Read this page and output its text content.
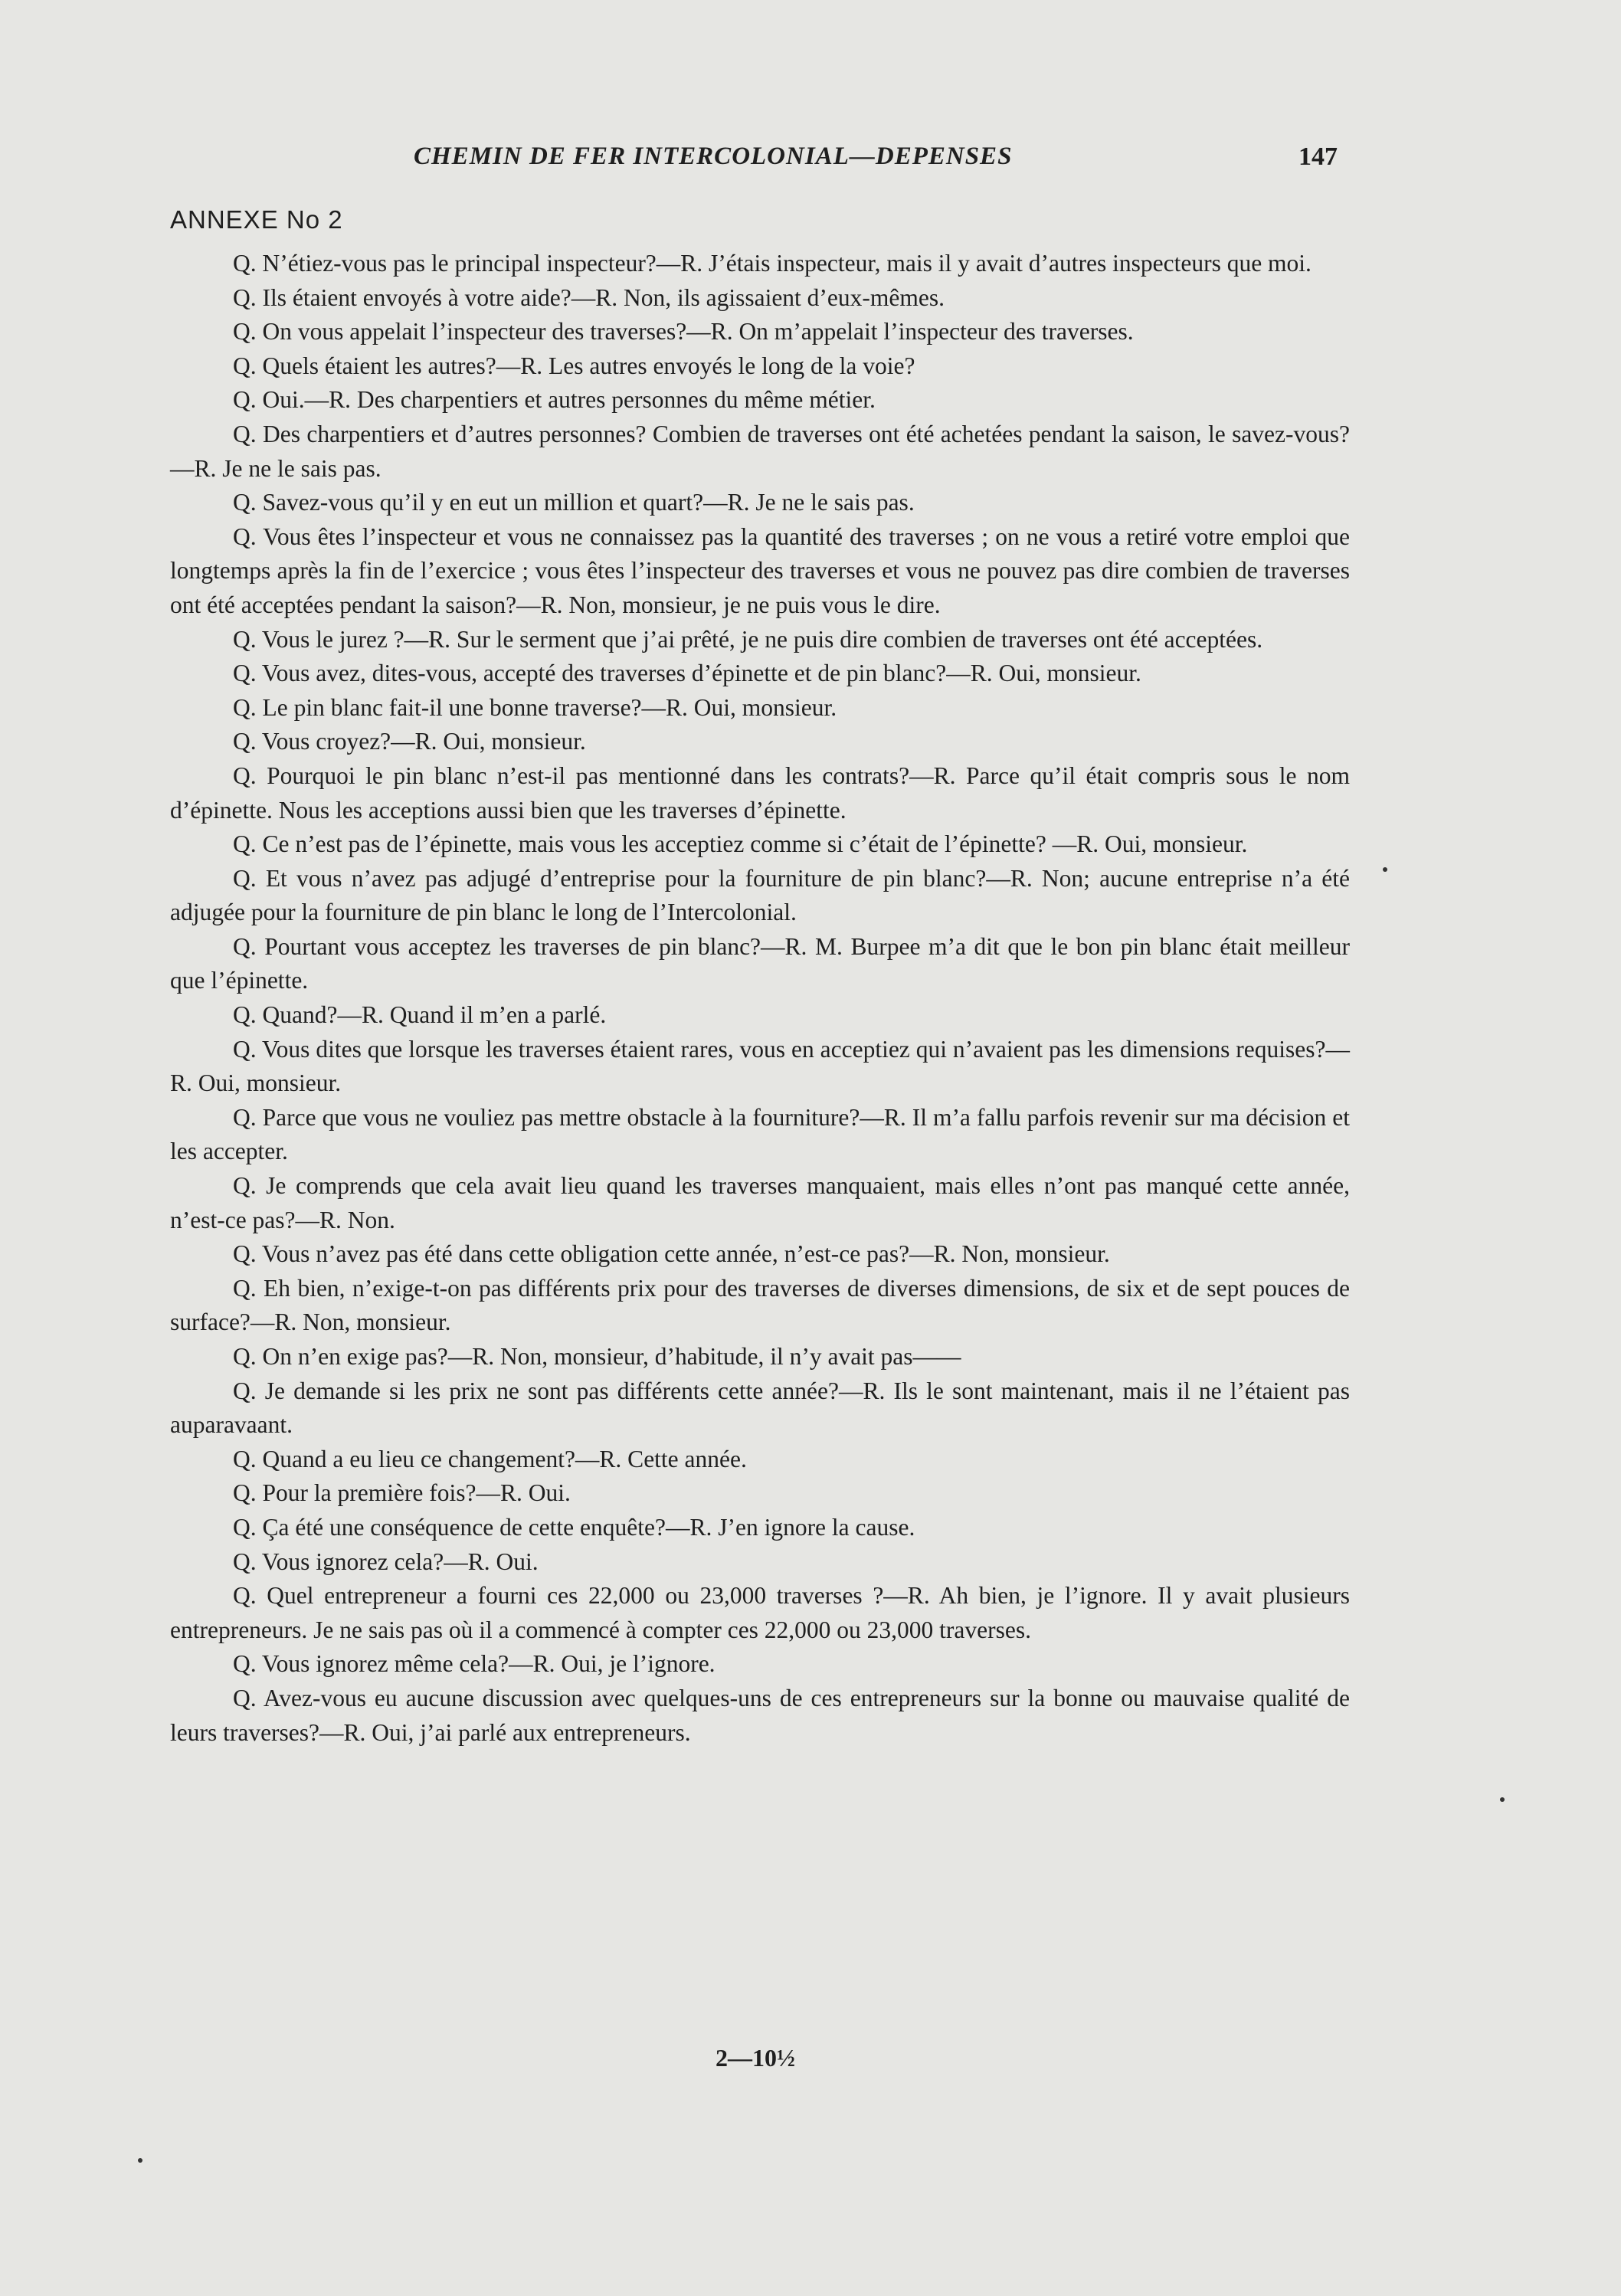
CHEMIN DE FER INTERCOLONIAL—DEPENSES	147
ANNEXE No 2

Q. N’étiez-vous pas le principal inspecteur?—R. J’étais inspecteur, mais il y avait d’autres inspecteurs que moi.

Q. Ils étaient envoyés à votre aide?—R. Non, ils agissaient d’eux-mêmes.

Q. On vous appelait l’inspecteur des traverses?—R. On m’appelait l’inspecteur des traverses.

Q. Quels étaient les autres?—R. Les autres envoyés le long de la voie?

Q. Oui.—R. Des charpentiers et autres personnes du même métier.

Q. Des charpentiers et d’autres personnes? Combien de traverses ont été achetées pendant la saison, le savez-vous?—R. Je ne le sais pas.

Q. Savez-vous qu’il y en eut un million et quart?—R. Je ne le sais pas.

Q. Vous êtes l’inspecteur et vous ne connaissez pas la quantité des traverses ; on ne vous a retiré votre emploi que longtemps après la fin de l’exercice ; vous êtes l’inspecteur des traverses et vous ne pouvez pas dire combien de traverses ont été acceptées pendant la saison?—R. Non, monsieur, je ne puis vous le dire.

Q. Vous le jurez ?—R. Sur le serment que j’ai prêté, je ne puis dire combien de traverses ont été acceptées.

Q. Vous avez, dites-vous, accepté des traverses d’épinette et de pin blanc?—R. Oui, monsieur.

Q. Le pin blanc fait-il une bonne traverse?—R. Oui, monsieur.

Q. Vous croyez?—R. Oui, monsieur.

Q. Pourquoi le pin blanc n’est-il pas mentionné dans les contrats?—R. Parce qu’il était compris sous le nom d’épinette. Nous les acceptions aussi bien que les traverses d’épinette.

Q. Ce n’est pas de l’épinette, mais vous les acceptiez comme si c’était de l’épinette? —R. Oui, monsieur.

Q. Et vous n’avez pas adjugé d’entreprise pour la fourniture de pin blanc?—R. Non; aucune entreprise n’a été adjugée pour la fourniture de pin blanc le long de l’Intercolonial.

Q. Pourtant vous acceptez les traverses de pin blanc?—R. M. Burpee m’a dit que le bon pin blanc était meilleur que l’épinette.

Q. Quand?—R. Quand il m’en a parlé.

Q. Vous dites que lorsque les traverses étaient rares, vous en acceptiez qui n’avaient pas les dimensions requises?—R. Oui, monsieur.

Q. Parce que vous ne vouliez pas mettre obstacle à la fourniture?—R. Il m’a fallu parfois revenir sur ma décision et les accepter.

Q. Je comprends que cela avait lieu quand les traverses manquaient, mais elles n’ont pas manqué cette année, n’est-ce pas?—R. Non.

Q. Vous n’avez pas été dans cette obligation cette année, n’est-ce pas?—R. Non, monsieur.

Q. Eh bien, n’exige-t-on pas différents prix pour des traverses de diverses dimensions, de six et de sept pouces de surface?—R. Non, monsieur.

Q. On n’en exige pas?—R. Non, monsieur, d’habitude, il n’y avait pas——

Q. Je demande si les prix ne sont pas différents cette année?—R. Ils le sont maintenant, mais il ne l’étaient pas auparavaant.

Q. Quand a eu lieu ce changement?—R. Cette année.

Q. Pour la première fois?—R. Oui.

Q. Ça été une conséquence de cette enquête?—R. J’en ignore la cause.

Q. Vous ignorez cela?—R. Oui.

Q. Quel entrepreneur a fourni ces 22,000 ou 23,000 traverses ?—R. Ah bien, je l’ignore. Il y avait plusieurs entrepreneurs. Je ne sais pas où il a commencé à compter ces 22,000 ou 23,000 traverses.

Q. Vous ignorez même cela?—R. Oui, je l’ignore.

Q. Avez-vous eu aucune discussion avec quelques-uns de ces entrepreneurs sur la bonne ou mauvaise qualité de leurs traverses?—R. Oui, j’ai parlé aux entrepreneurs.

2—10½
